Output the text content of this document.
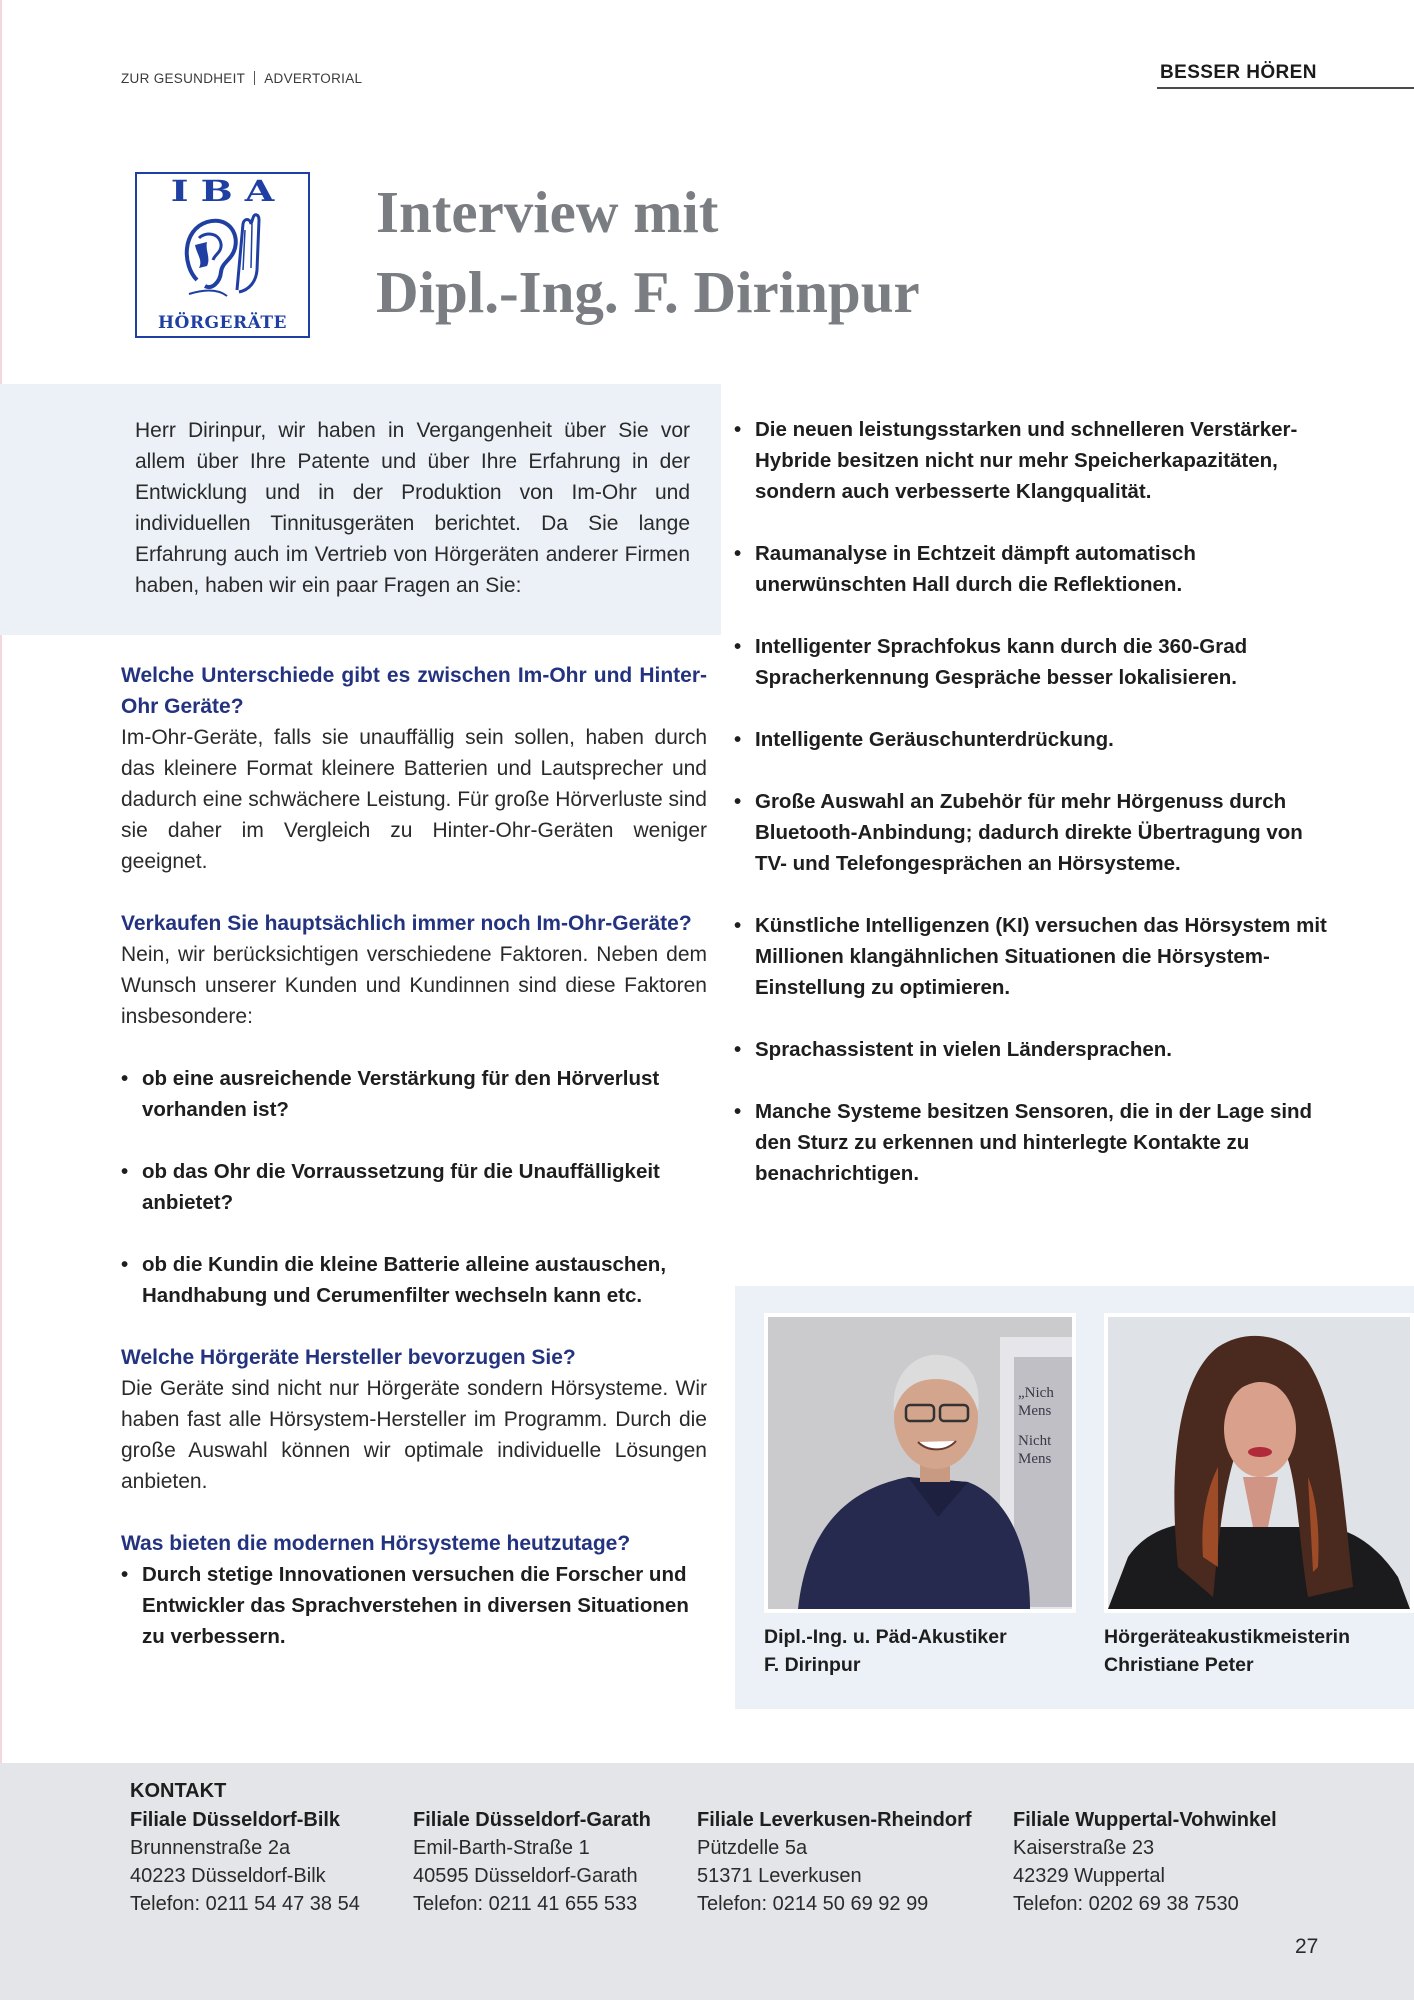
ZUR GESUNDHEIT ADVERTORIAL	BESSER HÖREN
IBA
HÖRGERÄTE
Interview mit
Dipl.-Ing. F. Dirinpur

Herr Dirinpur, wir haben in Vergangenheit über Sie vor allem über Ihre Patente und über Ihre Erfahrung in der Entwicklung und in der Produktion von Im-Ohr und individuellen Tinnitusgeräten berichtet. Da Sie lange Erfahrung auch im Vertrieb von Hörgeräten anderer Firmen haben, haben wir ein paar Fragen an Sie:

Welche Unterschiede gibt es zwischen Im-Ohr und Hinter-Ohr Geräte?
Im-Ohr-Geräte, falls sie unauffällig sein sollen, haben durch das kleinere Format kleinere Batterien und Lautsprecher und dadurch eine schwächere Leistung. Für große Hörverluste sind sie daher im Vergleich zu Hinter-Ohr-Geräten weniger geeignet.
Verkaufen Sie hauptsächlich immer noch Im-Ohr-Geräte?
Nein, wir berücksichtigen verschiedene Faktoren. Neben dem Wunsch unserer Kunden und Kundinnen sind diese Faktoren insbesondere:
• ob eine ausreichende Verstärkung für den Hörverlust vorhanden ist?
• ob das Ohr die Vorraussetzung für die Unauffälligkeit anbietet?
• ob die Kundin die kleine Batterie alleine austauschen, Handhabung und Cerumenfilter wechseln kann etc.
Welche Hörgeräte Hersteller bevorzugen Sie?
Die Geräte sind nicht nur Hörgeräte sondern Hörsysteme. Wir haben fast alle Hörsystem-Hersteller im Programm. Durch die große Auswahl können wir optimale individuelle Lösungen anbieten.
Was bieten die modernen Hörsysteme heutzutage?
• Durch stetige Innovationen versuchen die Forscher und Entwickler das Sprachverstehen in diversen Situationen zu verbessern.
• Die neuen leistungsstarken und schnelleren Verstärker-Hybride besitzen nicht nur mehr Speicherkapazitäten, sondern auch verbesserte Klangqualität.
• Raumanalyse in Echtzeit dämpft automatisch unerwünschten Hall durch die Reflektionen.
• Intelligenter Sprachfokus kann durch die 360-Grad Spracherkennung Gespräche besser lokalisieren.
• Intelligente Geräuschunterdrückung.
• Große Auswahl an Zubehör für mehr Hörgenuss durch Bluetooth-Anbindung; dadurch direkte Übertragung von TV- und Telefongesprächen an Hörsysteme.
• Künstliche Intelligenzen (KI) versuchen das Hörsystem mit Millionen klangähnlichen Situationen die Hörsystem-Einstellung zu optimieren.
• Sprachassistent in vielen Ländersprachen.
• Manche Systeme besitzen Sensoren, die in der Lage sind den Sturz zu erkennen und hinterlegte Kontakte zu benachrichtigen.
„Nich
Mens
Nicht
Mens
Dipl.-Ing. u. Päd-Akustiker
F. Dirinpur
Hörgeräteakustikmeisterin
Christiane Peter
KONTAKT
Filiale Düsseldorf-Bilk
Brunnenstraße 2a
40223 Düsseldorf-Bilk
Telefon: 0211 54 47 38 54
Filiale Düsseldorf-Garath
Emil-Barth-Straße 1
40595 Düsseldorf-Garath
Telefon: 0211 41 655 533
Filiale Leverkusen-Rheindorf
Pützdelle 5a
51371 Leverkusen
Telefon: 0214 50 69 92 99
Filiale Wuppertal-Vohwinkel
Kaiserstraße 23
42329 Wuppertal
Telefon: 0202 69 38 7530
27
